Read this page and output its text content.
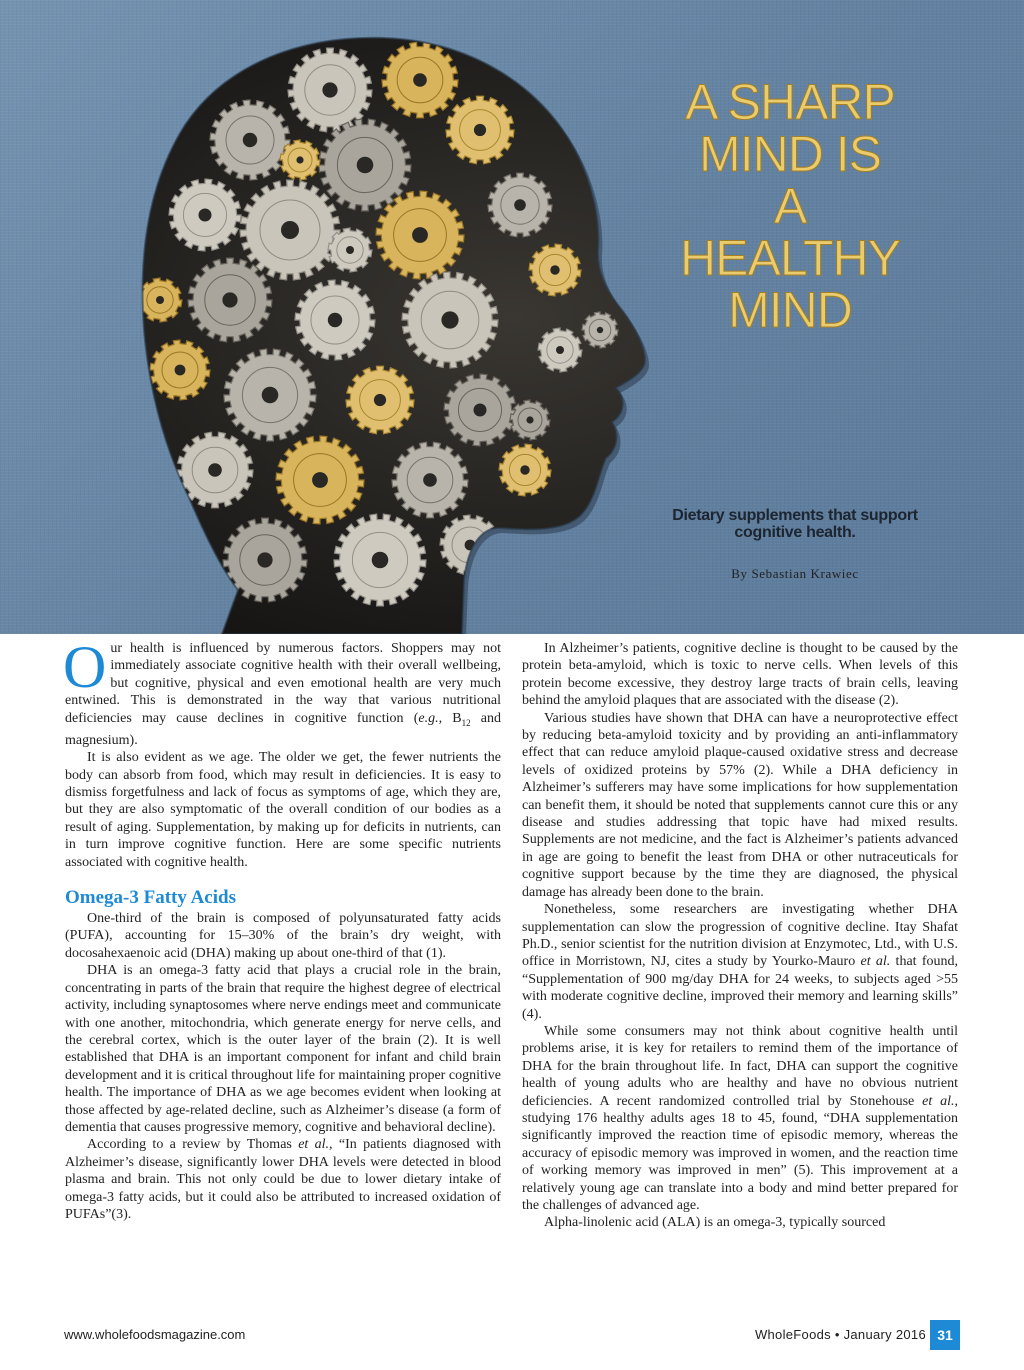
A SHARP
MIND IS
A
HEALTHY
MIND
Dietary supplements that support cognitive health.
By Sebastian Krawiec

Our health is influenced by numerous factors. Shoppers may not immediately associate cognitive health with their overall wellbeing, but cognitive, physical and even emotional health are very much entwined. This is demonstrated in the way that various nutritional deficiencies may cause declines in cognitive function (e.g., $B_{12}$ and magnesium).

It is also evident as we age. The older we get, the fewer nutrients the body can absorb from food, which may result in deficiencies. It is easy to dismiss forgetfulness and lack of focus as symptoms of age, which they are, but they are also symptomatic of the overall condition of our bodies as a result of aging. Supplementation, by making up for deficits in nutrients, can in turn improve cognitive function. Here are some specific nutrients associated with cognitive health.

Omega-3 Fatty Acids

One-third of the brain is composed of polyunsaturated fatty acids (PUFA), accounting for 15–30% of the brain’s dry weight, with docosahexaenoic acid (DHA) making up about one-third of that (1).

DHA is an omega-3 fatty acid that plays a crucial role in the brain, concentrating in parts of the brain that require the highest degree of electrical activity, including synaptosomes where nerve endings meet and communicate with one another, mitochondria, which generate energy for nerve cells, and the cerebral cortex, which is the outer layer of the brain (2). It is well established that DHA is an important component for infant and child brain development and it is critical throughout life for maintaining proper cognitive health. The importance of DHA as we age becomes evident when looking at those affected by age-related decline, such as Alzheimer’s disease (a form of dementia that causes progressive memory, cognitive and behavioral decline).

According to a review by Thomas et al., “In patients diagnosed with Alzheimer’s disease, significantly lower DHA levels were detected in blood plasma and brain. This not only could be due to lower dietary intake of omega-3 fatty acids, but it could also be attributed to increased oxidation of PUFAs”(3).

In Alzheimer’s patients, cognitive decline is thought to be caused by the protein beta-amyloid, which is toxic to nerve cells. When levels of this protein become excessive, they destroy large tracts of brain cells, leaving behind the amyloid plaques that are associated with the disease (2).

Various studies have shown that DHA can have a neuroprotective effect by reducing beta-amyloid toxicity and by providing an anti-inflammatory effect that can reduce amyloid plaque-caused oxidative stress and decrease levels of oxidized proteins by 57% (2). While a DHA deficiency in Alzheimer’s sufferers may have some implications for how supplementation can benefit them, it should be noted that supplements cannot cure this or any disease and studies addressing that topic have had mixed results. Supplements are not medicine, and the fact is Alzheimer’s patients advanced in age are going to benefit the least from DHA or other nutraceuticals for cognitive support because by the time they are diagnosed, the physical damage has already been done to the brain.

Nonetheless, some researchers are investigating whether DHA supplementation can slow the progression of cognitive decline. Itay Shafat Ph.D., senior scientist for the nutrition division at Enzymotec, Ltd., with U.S. office in Morristown, NJ, cites a study by Yourko-Mauro et al. that found, “Supplementation of 900 mg/day DHA for 24 weeks, to subjects aged >55 with moderate cognitive decline, improved their memory and learning skills” (4).

While some consumers may not think about cognitive health until problems arise, it is key for retailers to remind them of the importance of DHA for the brain throughout life. In fact, DHA can support the cognitive health of young adults who are healthy and have no obvious nutrient deficiencies. A recent randomized controlled trial by Stonehouse et al., studying 176 healthy adults ages 18 to 45, found, “DHA supplementation significantly improved the reaction time of episodic memory, whereas the accuracy of episodic memory was improved in women, and the reaction time of working memory was improved in men” (5). This improvement at a relatively young age can translate into a body and mind better prepared for the challenges of advanced age.

Alpha-linolenic acid (ALA) is an omega-3, typically sourced

www.wholefoodsmagazine.com	WholeFoods • January 2016 31
